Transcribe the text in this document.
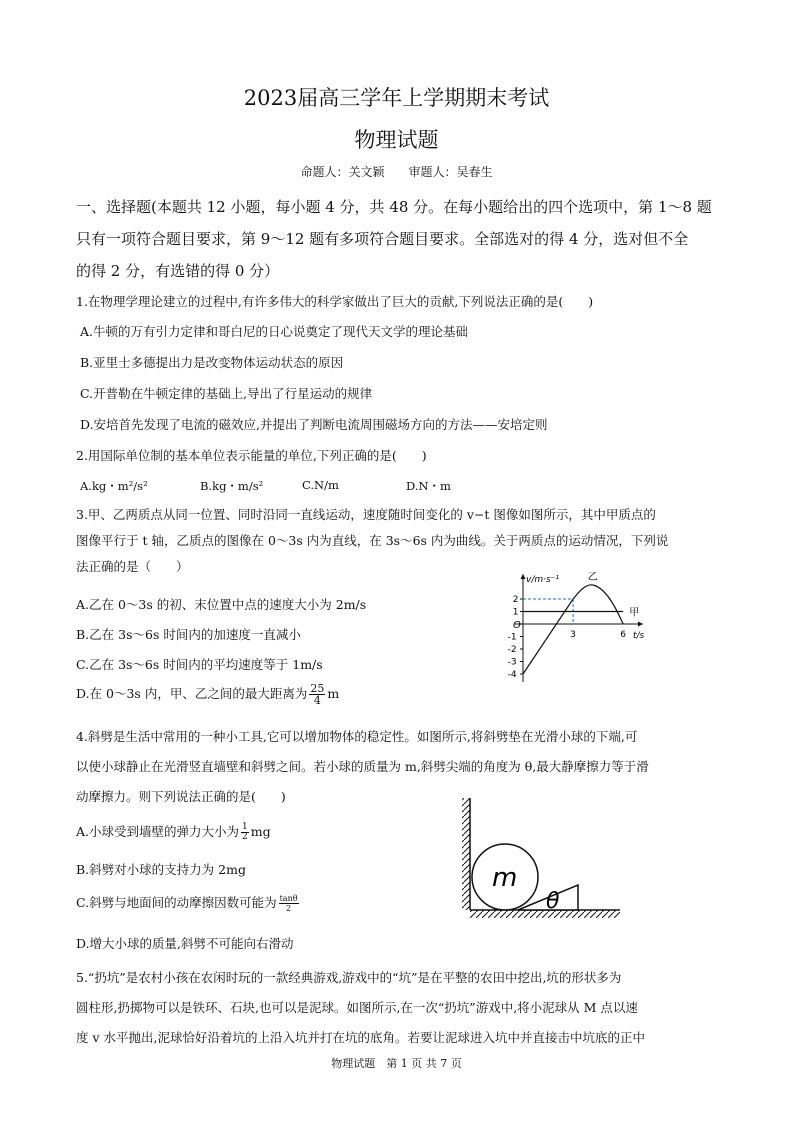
2023届高三学年上学期期末考试
物理试题
命题人：关文颖　　审题人：吴春生
一、选择题(本题共 12 小题，每小题 4 分，共 48 分。在每小题给出的四个选项中，第 1～8 题
只有一项符合题目要求，第 9～12 题有多项符合题目要求。全部选对的得 4 分，选对但不全
的得 2 分，有选错的得 0 分）
1.在物理学理论建立的过程中,有许多伟大的科学家做出了巨大的贡献,下列说法正确的是(　　)
A.牛顿的万有引力定律和哥白尼的日心说奠定了现代天文学的理论基础
B.亚里士多德提出力是改变物体运动状态的原因
C.开普勒在牛顿定律的基础上,导出了行星运动的规律
D.安培首先发现了电流的磁效应,并提出了判断电流周围磁场方向的方法——安培定则
2.用国际单位制的基本单位表示能量的单位,下列正确的是(　　)
A.kg・m²/s²	B.kg・m/s²	C.N/m	D.N・m
3.甲、乙两质点从同一位置、同时沿同一直线运动，速度随时间变化的 v−t 图像如图所示，其中甲质点的
图像平行于 t 轴，乙质点的图像在 0～3s 内为直线，在 3s～6s 内为曲线。关于两质点的运动情况，下列说
法正确的是（　　）
A.乙在 0～3s 的初、末位置中点的速度大小为 2m/s
B.乙在 3s～6s 时间内的加速度一直减小
C.乙在 3s～6s 时间内的平均速度等于 1m/s
D.在 0～3s 内，甲、乙之间的最大距离为 $\frac{25}{4}$ m
甲
乙
v/m·s⁻¹
t/s
O
3	6
2
1
-1
-2
-3
-4
4.斜劈是生活中常用的一种小工具,它可以增加物体的稳定性。如图所示,将斜劈垫在光滑小球的下端,可
以使小球静止在光滑竖直墙壁和斜劈之间。若小球的质量为 m,斜劈尖端的角度为 θ,最大静摩擦力等于滑
动摩擦力。则下列说法正确的是(　　)
A.小球受到墙壁的弹力大小为 $\frac{1}{2}$ mg
B.斜劈对小球的支持力为 2mg
C.斜劈与地面间的动摩擦因数可能为 $\frac{\tan\theta}{2}$
D.增大小球的质量,斜劈不可能向右滑动
m
θ
5.“扔坑”是农村小孩在农闲时玩的一款经典游戏,游戏中的“坑”是在平整的农田中挖出,坑的形状多为
圆柱形,扔掷物可以是铁环、石块,也可以是泥球。如图所示,在一次“扔坑”游戏中,将小泥球从 M 点以速
度 v 水平抛出,泥球恰好沿着坑的上沿入坑并打在坑的底角。若要让泥球进入坑中并直接击中坑底的正中
物理试题　第 1 页 共 7 页
